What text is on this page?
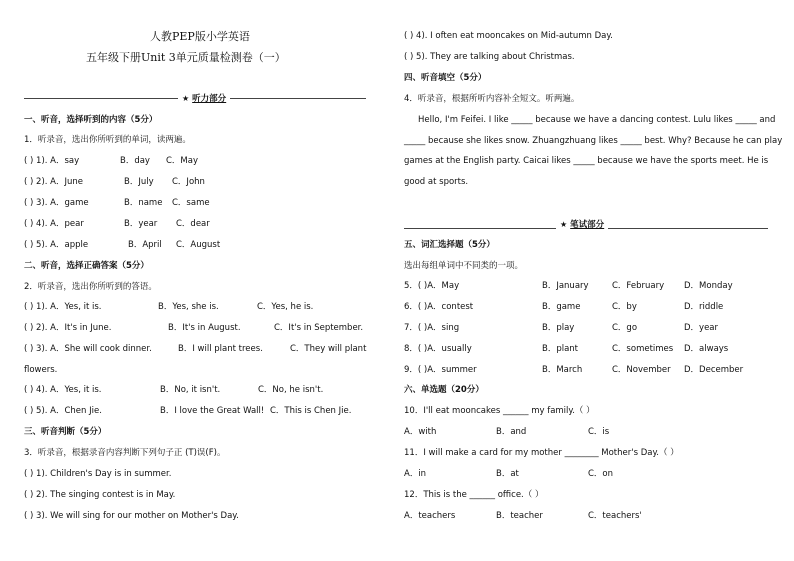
人教PEP版小学英语
五年级下册Unit 3单元质量检测卷（一）
★ 听力部分
一、听音，选择听到的内容（5分）
1．听录音，选出你所听到的单词，读两遍。
( ) 1). A．say	B．day C．May
( ) 2). A．June	B．July C．John
( ) 3). A．game	B．name C．same
( ) 4). A．pear	B．year C．dear
( ) 5). A．apple	B．April C．August
二、听音，选择正确答案（5分）
2．听录音，选出你所听到的答语。
( ) 1). A．Yes, it is.	B．Yes, she is.	C．Yes, he is.
( ) 2). A．It's in June.	B．It's in August.	C．It's in September.
( ) 3). A．She will cook dinner.	B．I will plant trees.	C．They will plant
flowers.
( ) 4). A．Yes, it is.	B．No, it isn't.	C．No, he isn't.
( ) 5). A．Chen Jie.	B．I love the Great Wall! C．This is Chen Jie.
三、听音判断（5分）
3．听录音，根据录音内容判断下列句子正 (T)误(F)。
( ) 1). Children's Day is in summer.
( ) 2). The singing contest is in May.
( ) 3). We will sing for our mother on Mother's Day.
( ) 4). I often eat mooncakes on Mid-autumn Day.
( ) 5). They are talking about Christmas.
四、听音填空（5分）
4．听录音，根据所听内容补全短文。听两遍。
Hello, I'm Feifei. I like _____ because we have a dancing contest. Lulu likes _____ and
_____ because she likes snow. Zhuangzhuang likes _____ best. Why? Because he can play
games at the English party. Caicai likes _____ because we have the sports meet. He is
good at sports.
★ 笔试部分
五、词汇选择题（5分）
选出每组单词中不同类的一项。
5．( )A．May	B．January	C．February D．Monday
6．( )A．contest	B．game	C．by	D．riddle
7．( )A．sing	B．play	C．go	D．year
8．( )A．usually	B．plant	C．sometimes D．always
9．( )A．summer	B．March	C．November D．December
六、单选题（20分）
10．I'll eat mooncakes ______ my family.（ ）
A．with	B．and	C．is
11．I will make a card for my mother ________ Mother's Day.（ ）
A．in	B．at	C．on
12．This is the ______ office.（ ）
A．teachers	B．teacher	C．teachers'
